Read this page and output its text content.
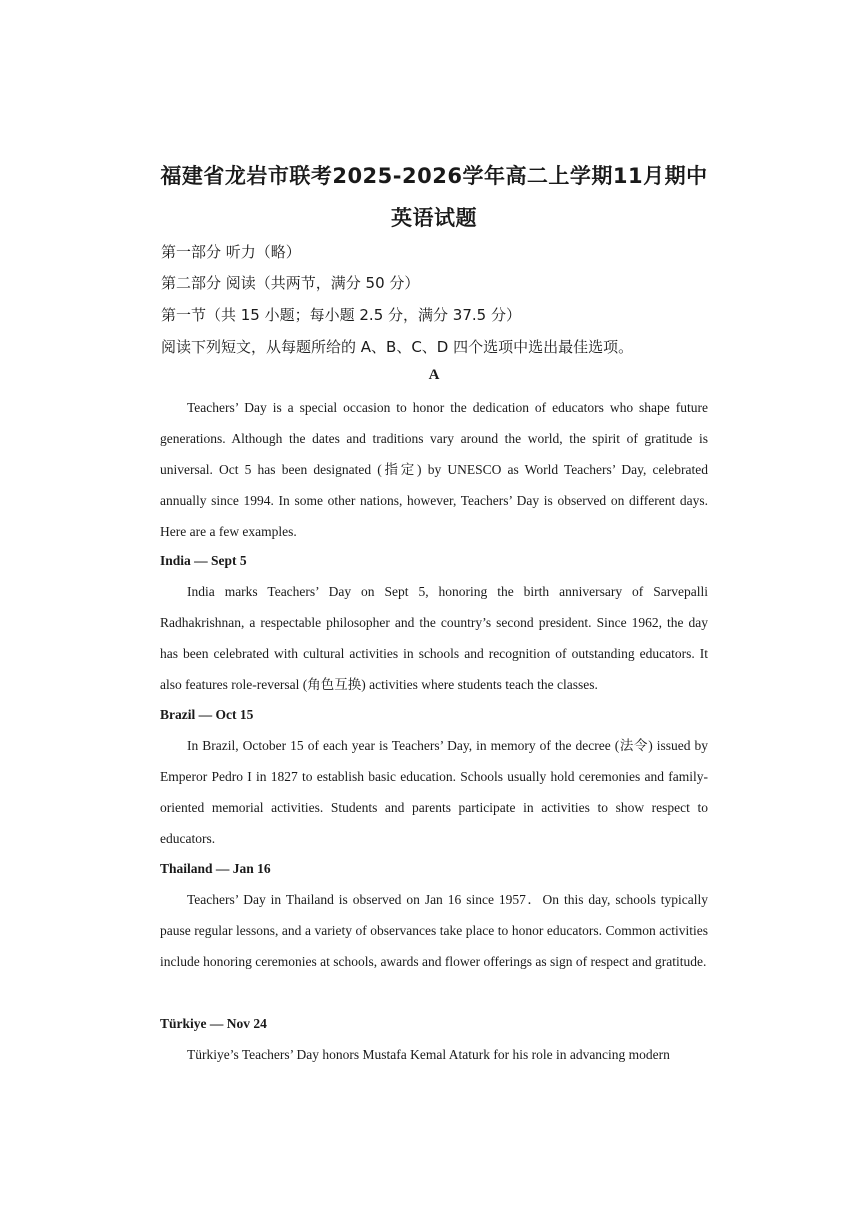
福建省龙岩市联考2025-2026学年高二上学期11月期中
英语试题
第一部分 听力（略）
第二部分 阅读（共两节，满分 50 分）
第一节（共 15 小题；每小题 2.5 分，满分 37.5 分）
阅读下列短文，从每题所给的 A、B、C、D 四个选项中选出最佳选项。
A

Teachers’ Day is a special occasion to honor the dedication of educators who shape future generations. Although the dates and traditions vary around the world, the spirit of gratitude is universal. Oct 5 has been designated (指定) by UNESCO as World Teachers’ Day, celebrated annually since 1994. In some other nations, however, Teachers’ Day is observed on different days. Here are a few examples.

India — Sept 5

India marks Teachers’ Day on Sept 5, honoring the birth anniversary of Sarvepalli Radhakrishnan, a respectable philosopher and the country’s second president. Since 1962, the day has been celebrated with cultural activities in schools and recognition of outstanding educators. It also features role-reversal (角色互换) activities where students teach the classes.

Brazil — Oct 15

In Brazil, October 15 of each year is Teachers’ Day, in memory of the decree (法令) issued by Emperor Pedro I in 1827 to establish basic education. Schools usually hold ceremonies and family-oriented memorial activities. Students and parents participate in activities to show respect to educators.

Thailand — Jan 16

Teachers’ Day in Thailand is observed on Jan 16 since 1957．On this day, schools typically pause regular lessons, and a variety of observances take place to honor educators. Common activities include honoring ceremonies at schools, awards and flower offerings as sign of respect and gratitude.

Türkiye — Nov 24

Türkiye’s Teachers’ Day honors Mustafa Kemal Ataturk for his role in advancing modern
